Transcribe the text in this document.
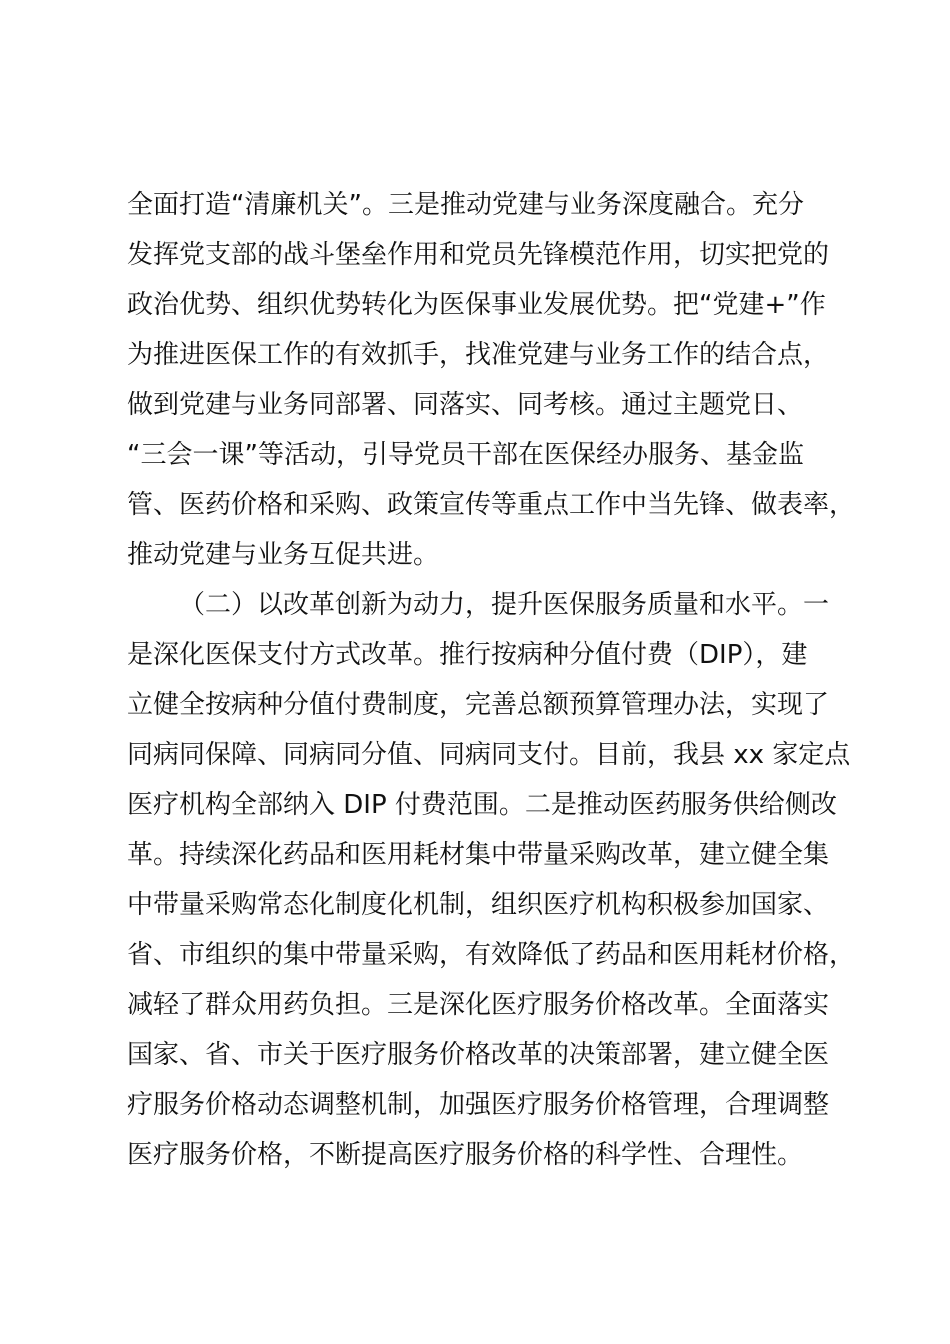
全面打造“清廉机关”。三是推动党建与业务深度融合。充分
发挥党支部的战斗堡垒作用和党员先锋模范作用，切实把党的
政治优势、组织优势转化为医保事业发展优势。把“党建+”作
为推进医保工作的有效抓手，找准党建与业务工作的结合点，
做到党建与业务同部署、同落实、同考核。通过主题党日、
“三会一课”等活动，引导党员干部在医保经办服务、基金监
管、医药价格和采购、政策宣传等重点工作中当先锋、做表率，
推动党建与业务互促共进。
（二）以改革创新为动力，提升医保服务质量和水平。一
是深化医保支付方式改革。推行按病种分值付费（DIP），建
立健全按病种分值付费制度，完善总额预算管理办法，实现了
同病同保障、同病同分值、同病同支付。目前，我县 xx 家定点
医疗机构全部纳入 DIP 付费范围。二是推动医药服务供给侧改
革。持续深化药品和医用耗材集中带量采购改革，建立健全集
中带量采购常态化制度化机制，组织医疗机构积极参加国家、
省、市组织的集中带量采购，有效降低了药品和医用耗材价格，
减轻了群众用药负担。三是深化医疗服务价格改革。全面落实
国家、省、市关于医疗服务价格改革的决策部署，建立健全医
疗服务价格动态调整机制，加强医疗服务价格管理，合理调整
医疗服务价格，不断提高医疗服务价格的科学性、合理性。
